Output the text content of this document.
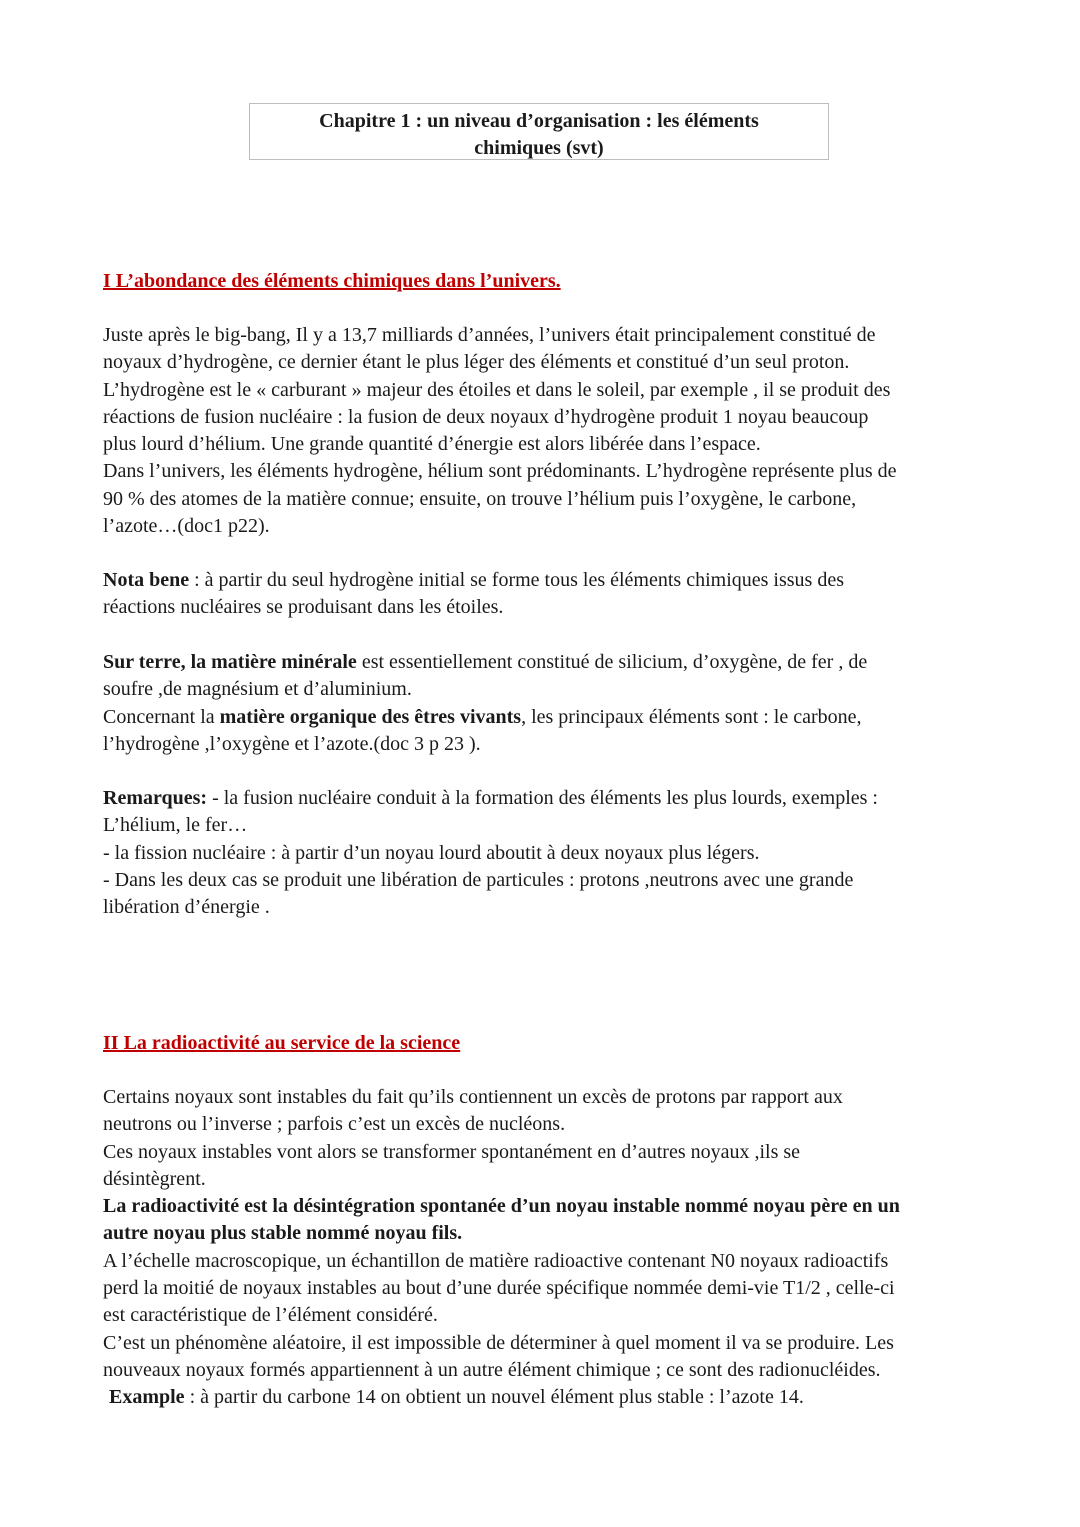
Chapitre 1 : un niveau d’organisation : les éléments
chimiques (svt)
I L’abondance des éléments chimiques dans l’univers.
Juste après le big-bang, Il y a 13,7 milliards d’années, l’univers était principalement constitué de
noyaux d’hydrogène, ce dernier étant le plus léger des éléments et constitué d’un seul proton.
L’hydrogène est le « carburant » majeur des étoiles et dans le soleil, par exemple , il se produit des
réactions de fusion nucléaire : la fusion de deux noyaux d’hydrogène produit 1 noyau beaucoup
plus lourd d’hélium. Une grande quantité d’énergie est alors libérée dans l’espace.
Dans l’univers, les éléments hydrogène, hélium sont prédominants. L’hydrogène représente plus de
90 % des atomes de la matière connue; ensuite, on trouve l’hélium puis l’oxygène, le carbone,
l’azote…(doc1 p22).
Nota bene : à partir du seul hydrogène initial se forme tous les éléments chimiques issus des
réactions nucléaires se produisant dans les étoiles.
Sur terre, la matière minérale est essentiellement constitué de silicium, d’oxygène, de fer , de
soufre ,de magnésium et d’aluminium.
Concernant la matière organique des êtres vivants, les principaux éléments sont : le carbone,
l’hydrogène ,l’oxygène et l’azote.(doc 3 p 23 ).
Remarques: - la fusion nucléaire conduit à la formation des éléments les plus lourds, exemples :
L’hélium, le fer…
- la fission nucléaire : à partir d’un noyau lourd aboutit à deux noyaux plus légers.
- Dans les deux cas se produit une libération de particules : protons ,neutrons avec une grande
libération d’énergie .
II La radioactivité au service de la science
Certains noyaux sont instables du fait qu’ils contiennent un excès de protons par rapport aux
neutrons ou l’inverse ; parfois c’est un excès de nucléons.
Ces noyaux instables vont alors se transformer spontanément en d’autres noyaux ,ils se
désintègrent.
La radioactivité est la désintégration spontanée d’un noyau instable nommé noyau père en un
autre noyau plus stable nommé noyau fils.
A l’échelle macroscopique, un échantillon de matière radioactive contenant N0 noyaux radioactifs
perd la moitié de noyaux instables au bout d’une durée spécifique nommée demi-vie T1/2 , celle-ci
est caractéristique de l’élément considéré.
C’est un phénomène aléatoire, il est impossible de déterminer à quel moment il va se produire. Les
nouveaux noyaux formés appartiennent à un autre élément chimique ; ce sont des radionucléides.
Example : à partir du carbone 14 on obtient un nouvel élément plus stable : l’azote 14.
